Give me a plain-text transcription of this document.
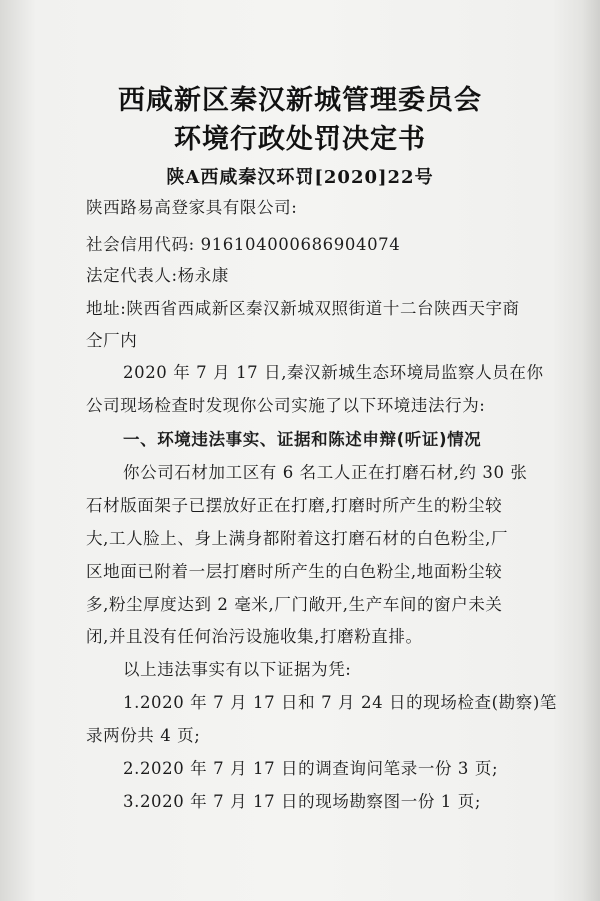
西咸新区秦汉新城管理委员会
环境行政处罚决定书
陕A西咸秦汉环罚[2020]22号
陕西路易高登家具有限公司:
社会信用代码: 916104000686904074
法定代表人:杨永康
地址:陕西省西咸新区秦汉新城双照街道十二台陕西天宇商
仝厂内
2020 年 7 月 17 日,秦汉新城生态环境局监察人员在你
公司现场检查时发现你公司实施了以下环境违法行为:
一、环境违法事实、证据和陈述申辩(听证)情况
你公司石材加工区有 6 名工人正在打磨石材,约 30 张
石材版面架子已摆放好正在打磨,打磨时所产生的粉尘较
大,工人脸上、身上满身都附着这打磨石材的白色粉尘,厂
区地面已附着一层打磨时所产生的白色粉尘,地面粉尘较
多,粉尘厚度达到 2 毫米,厂门敞开,生产车间的窗户未关
闭,并且没有任何治污设施收集,打磨粉直排。
以上违法事实有以下证据为凭:
1.2020 年 7 月 17 日和 7 月 24 日的现场检查(勘察)笔
录两份共 4 页;
2.2020 年 7 月 17 日的调查询问笔录一份 3 页;
3.2020 年 7 月 17 日的现场勘察图一份 1 页;
